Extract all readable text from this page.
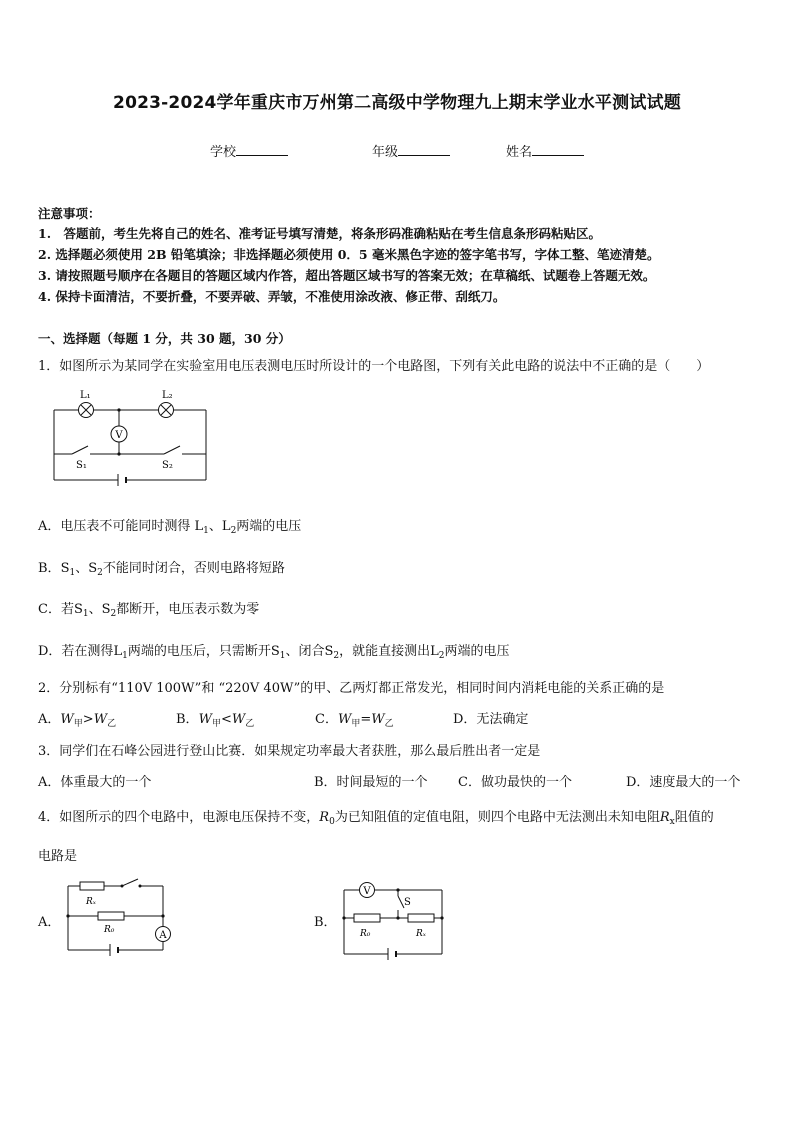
2023-2024学年重庆市万州第二高级中学物理九上期末学业水平测试试题
学校	年级	姓名
注意事项：
1.　答题前，考生先将自己的姓名、准考证号填写清楚，将条形码准确粘贴在考生信息条形码粘贴区。
2. 选择题必须使用 2B 铅笔填涂；非选择题必须使用 0．5 毫米黑色字迹的签字笔书写，字体工整、笔迹清楚。
3. 请按照题号顺序在各题目的答题区域内作答，超出答题区域书写的答案无效；在草稿纸、试题卷上答题无效。
4. 保持卡面清洁，不要折叠，不要弄破、弄皱，不准使用涂改液、修正带、刮纸刀。
一、选择题（每题 1 分，共 30 题，30 分）
1．如图所示为某同学在实验室用电压表测电压时所设计的一个电路图，下列有关此电路的说法中不正确的是（　　）
V
L₁	L₂
S₁	S₂
A．电压表不可能同时测得 $L_1$、$L_2$两端的电压
B．$S_1$、$S_2$不能同时闭合，否则电路将短路
C．若$S_1$、$S_2$都断开，电压表示数为零
D．若在测得$L_1$两端的电压后，只需断开$S_1$、闭合$S_2$，就能直接测出$L_2$两端的电压
2．分别标有“110V 100W”和 “220V 40W”的甲、乙两灯都正常发光，相同时间内消耗电能的关系正确的是
A．$W_甲>W_乙$	B．$W_甲<W_乙$	C．$W_甲=W_乙$	D．无法确定
3．同学们在石峰公园进行登山比赛．如果规定功率最大者获胜，那么最后胜出者一定是
A．体重最大的一个	B．时间最短的一个 C．做功最快的一个	D．速度最大的一个
4．如图所示的四个电路中，电源电压保持不变，$R_0$为已知阻值的定值电阻，则四个电路中无法测出未知电阻$R_x$阻值的
电路是
A．
A
Rₓ
R₀	B．
V
S
R₀	Rₓ
